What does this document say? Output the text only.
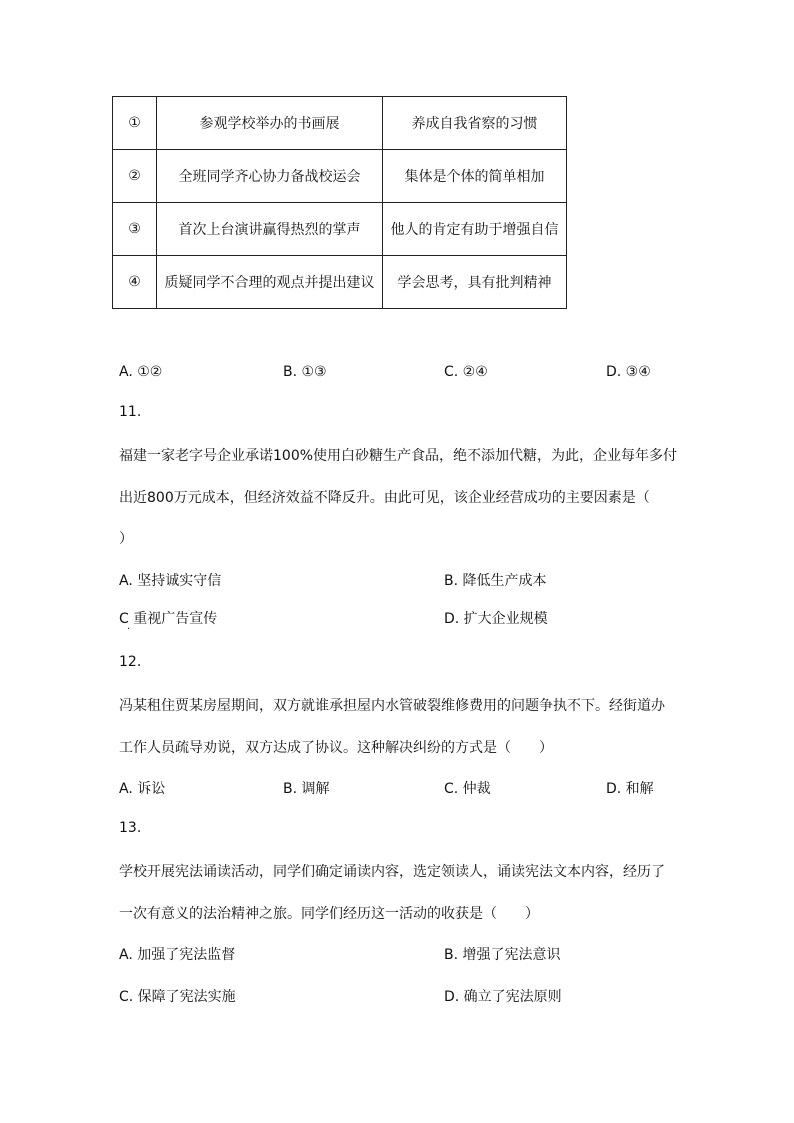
①	参观学校举办的书画展	养成自我省察的习惯
②	全班同学齐心协力备战校运会	集体是个体的简单相加
③	首次上台演讲赢得热烈的掌声	他人的肯定有助于增强自信
④	质疑同学不合理的观点并提出建议	学会思考，具有批判精神
A. ①②	B. ①③	C. ②④	D. ③④
11.
福建一家老字号企业承诺100%使用白砂糖生产食品，绝不添加代糖，为此，企业每年多付
出近800万元成本，但经济效益不降反升。由此可见，该企业经营成功的主要因素是（
）
A. 坚持诚实守信	B. 降低生产成本
C 重视广告宣传
·
D. 扩大企业规模
12.
冯某租住贾某房屋期间，双方就谁承担屋内水管破裂维修费用的问题争执不下。经街道办
工作人员疏导劝说，双方达成了协议。这种解决纠纷的方式是（　　）
A. 诉讼	B. 调解	C. 仲裁	D. 和解
13.
学校开展宪法诵读活动，同学们确定诵读内容，选定领读人，诵读宪法文本内容，经历了
一次有意义的法治精神之旅。同学们经历这一活动的收获是（　　）
A. 加强了宪法监督	B. 增强了宪法意识
C. 保障了宪法实施	D. 确立了宪法原则
